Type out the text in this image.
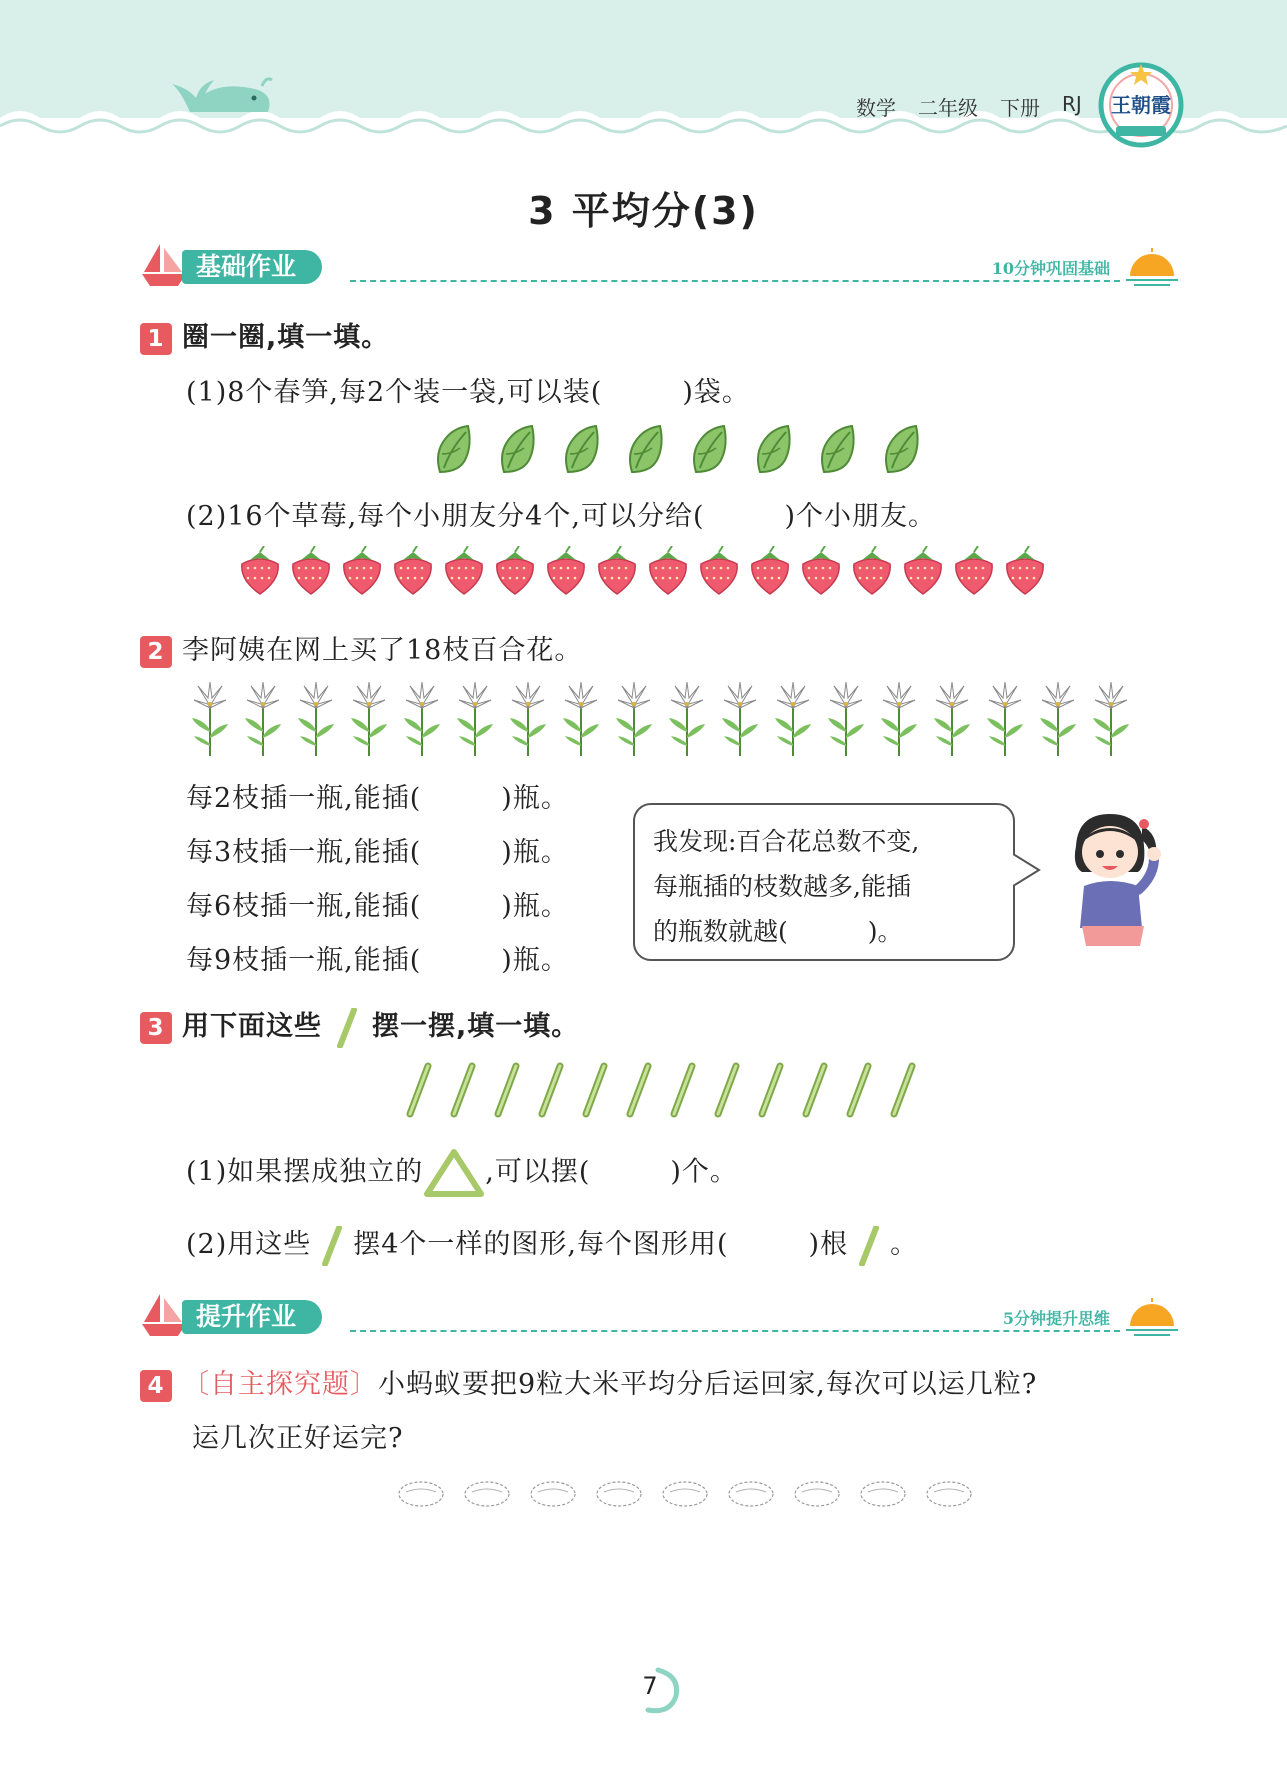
数学 二年级 下册 RJ 王朝霞
3 平均分(3)
基础作业	10分钟巩固基础
1 圈一圈,填一填。
(1)8个春笋,每2个装一袋,可以装(	)袋。
(2)16个草莓,每个小朋友分4个,可以分给(	)个小朋友。
2 李阿姨在网上买了18枝百合花。
每2枝插一瓶,能插(	)瓶。
每3枝插一瓶,能插(	)瓶。
每6枝插一瓶,能插(	)瓶。
每9枝插一瓶,能插(	)瓶。
我发现:百合花总数不变,
每瓶插的枝数越多,能插
的瓶数就越(	)。
3 用下面这些 摆一摆,填一填。
(1)如果摆成独立的 ,可以摆(	)个。
(2)用这些 摆4个一样的图形,每个图形用(	)根 。
提升作业	5分钟提升思维
4 〔自主探究题〕小蚂蚁要把9粒大米平均分后运回家,每次可以运几粒?
运几次正好运完?
7
